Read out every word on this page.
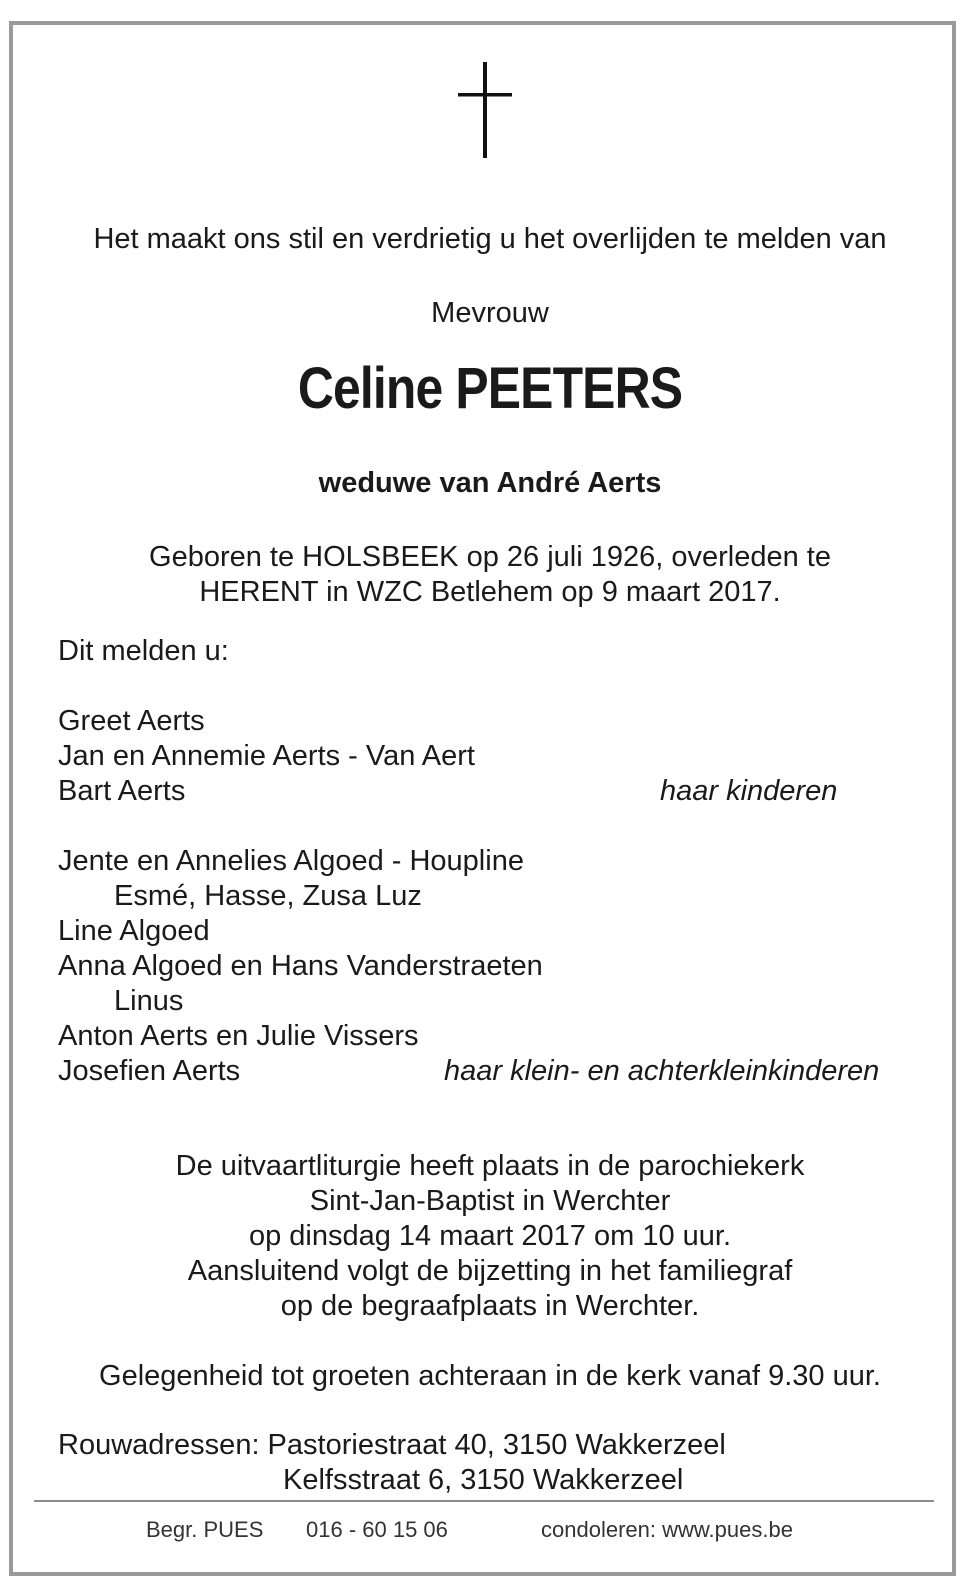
Het maakt ons stil en verdrietig u het overlijden te melden van
Mevrouw
Celine PEETERS
weduwe van André Aerts
Geboren te HOLSBEEK op 26 juli 1926, overleden te
HERENT in WZC Betlehem op 9 maart 2017.
Dit melden u:
Greet Aerts
Jan en Annemie Aerts - Van Aert
Bart Aerts	haar kinderen
Jente en Annelies Algoed - Houpline
Esmé, Hasse, Zusa Luz
Line Algoed
Anna Algoed en Hans Vanderstraeten
Linus
Anton Aerts en Julie Vissers
Josefien Aerts	haar klein- en achterkleinkinderen
De uitvaartliturgie heeft plaats in de parochiekerk
Sint-Jan-Baptist in Werchter
op dinsdag 14 maart 2017 om 10 uur.
Aansluitend volgt de bijzetting in het familiegraf
op de begraafplaats in Werchter.
Gelegenheid tot groeten achteraan in de kerk vanaf 9.30 uur.
Rouwadressen: Pastoriestraat 40, 3150 Wakkerzeel
Kelfsstraat 6, 3150 Wakkerzeel
Begr. PUES 016 - 60 15 06	condoleren: www.pues.be
